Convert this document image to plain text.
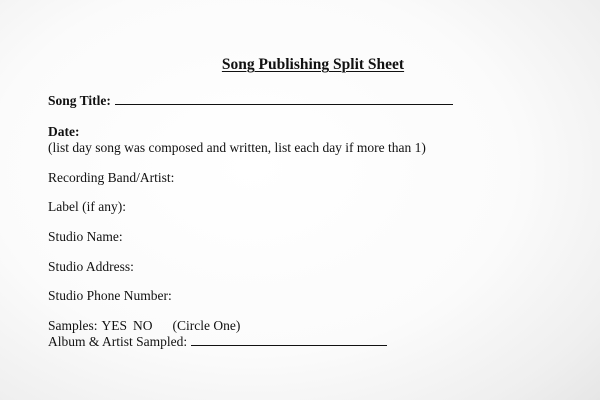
Song Publishing Split Sheet
Song Title:
Date:
(list day song was composed and written, list each day if more than 1)
Recording Band/Artist:
Label (if any):
Studio Name:
Studio Address:
Studio Phone Number:
Samples: YES NO (Circle One)
Album & Artist Sampled:
